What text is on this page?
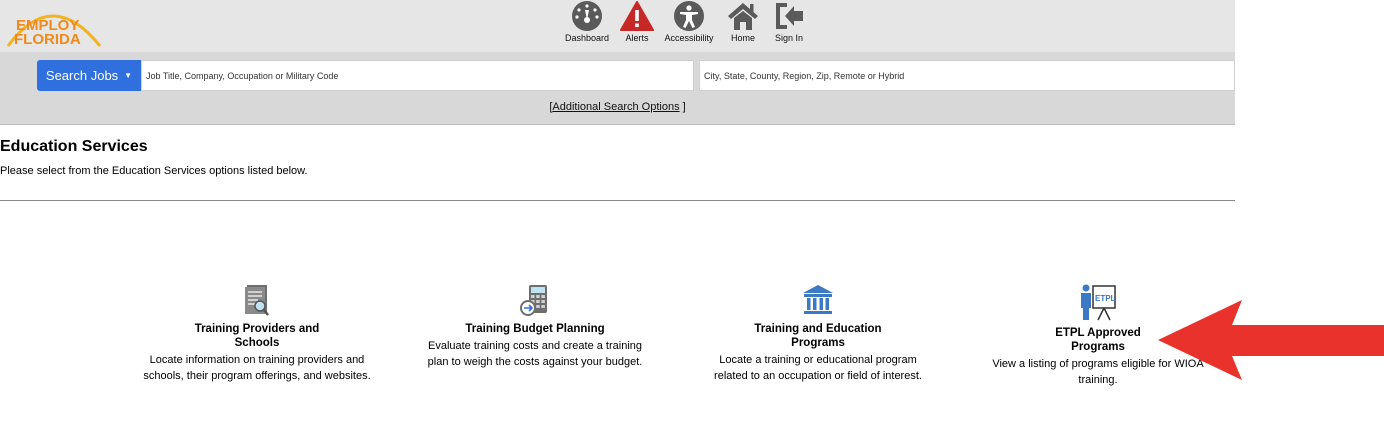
EMPLOY
FLORIDA	Dashboard Alerts Accessibility Home Sign In
Search Jobs ▼
Job Title, Company, Occupation or Military Code
City, State, County, Region, Zip, Remote or Hybrid
[Additional Search Options ]
Education Services
Please select from the Education Services options listed below.
Training Providers and
Schools
Locate information on training providers and
schools, their program offerings, and websites.
Training Budget Planning
Evaluate training costs and create a training
plan to weigh the costs against your budget.
Training and Education
Programs
Locate a training or educational program
related to an occupation or field of interest.
ETPL
ETPL Approved
Programs
View a listing of programs eligible for WIOA
training.
